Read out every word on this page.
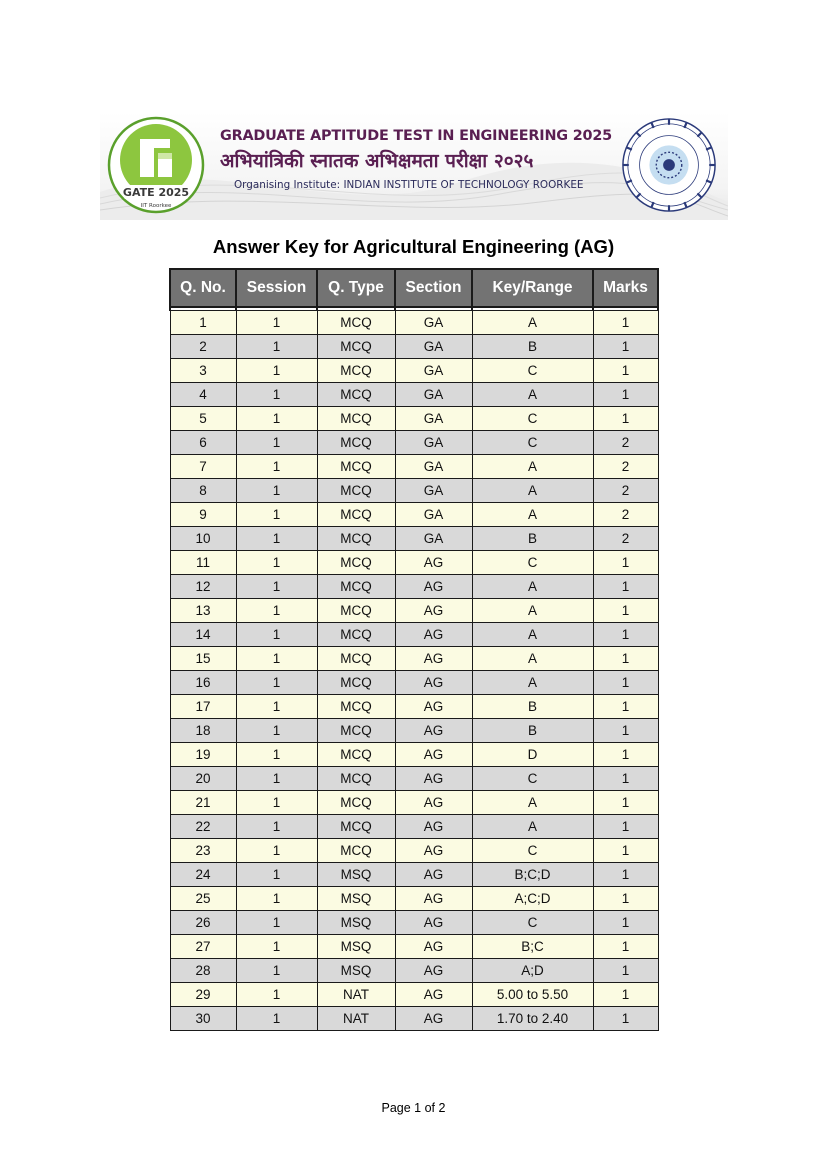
GATE 2025
IIT Roorkee
GRADUATE APTITUDE TEST IN ENGINEERING 2025
अभियांत्रिकी स्नातक अभिक्षमता परीक्षा २०२५
Organising Institute: INDIAN INSTITUTE OF TECHNOLOGY ROORKEE
Answer Key for Agricultural Engineering (AG)
Q. No.	Session	Q. Type	Section	Key/Range	Marks

1	1	MCQ	GA	A	1
2	1	MCQ	GA	B	1
3	1	MCQ	GA	C	1
4	1	MCQ	GA	A	1
5	1	MCQ	GA	C	1
6	1	MCQ	GA	C	2
7	1	MCQ	GA	A	2
8	1	MCQ	GA	A	2
9	1	MCQ	GA	A	2
10	1	MCQ	GA	B	2
11	1	MCQ	AG	C	1
12	1	MCQ	AG	A	1
13	1	MCQ	AG	A	1
14	1	MCQ	AG	A	1
15	1	MCQ	AG	A	1
16	1	MCQ	AG	A	1
17	1	MCQ	AG	B	1
18	1	MCQ	AG	B	1
19	1	MCQ	AG	D	1
20	1	MCQ	AG	C	1
21	1	MCQ	AG	A	1
22	1	MCQ	AG	A	1
23	1	MCQ	AG	C	1
24	1	MSQ	AG	B;C;D	1
25	1	MSQ	AG	A;C;D	1
26	1	MSQ	AG	C	1
27	1	MSQ	AG	B;C	1
28	1	MSQ	AG	A;D	1
29	1	NAT	AG	5.00 to 5.50	1
30	1	NAT	AG	1.70 to 2.40	1
Page 1 of 2
